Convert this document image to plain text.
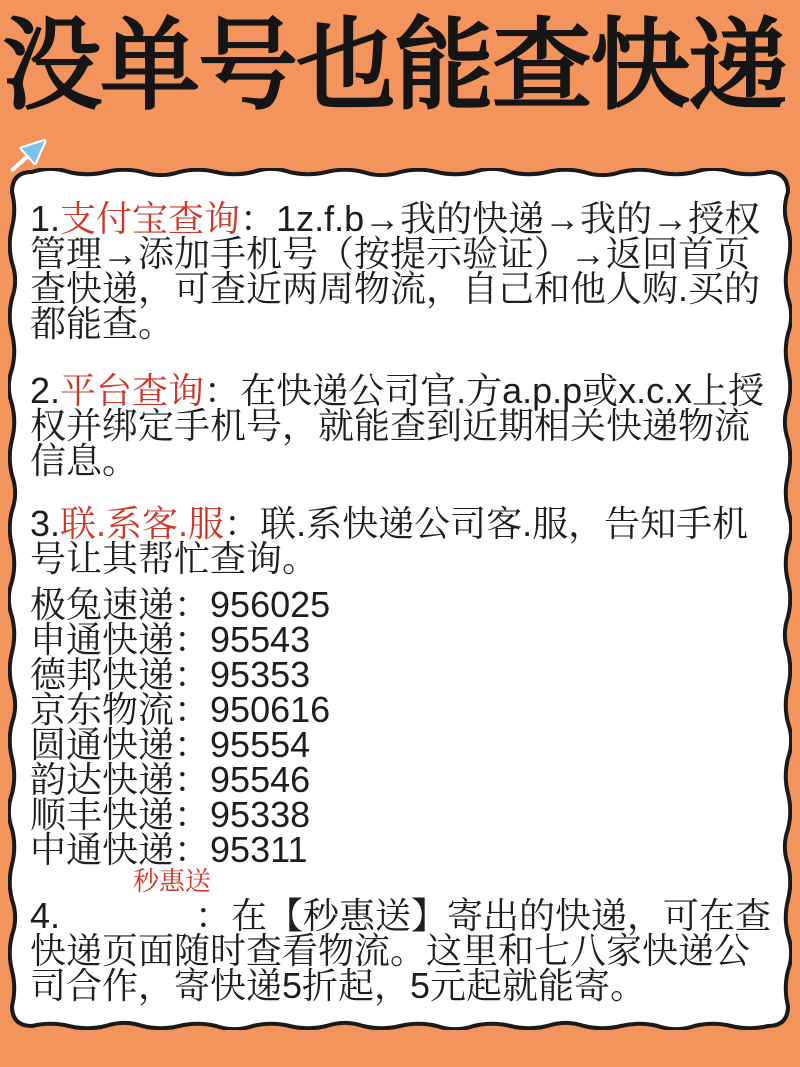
没单号也能查快递

1.支付宝查询：1z.f.b→我的快递→我的→授权管理→添加手机号（按提示验证）→返回首页查快递，可查近两周物流，自己和他人购.买的都能查。

2.平台查询：在快递公司官.方a.p.p或x.c.x上授权并绑定手机号，就能查到近期相关快递物流信息。

3.联.系客.服：联.系快递公司客.服，告知手机号让其帮忙查询。

极兔速递：956025
申通快递：95543
德邦快递：95353
京东物流：950616
圆通快递：95554
韵达快递：95546
顺丰快递：95338
中通快递：95311

4.
秒惠送
：在【秒惠送】寄出的快递，可在查快递页面随时查看物流。这里和七八家快递公司合作，寄快递5折起，5元起就能寄。
